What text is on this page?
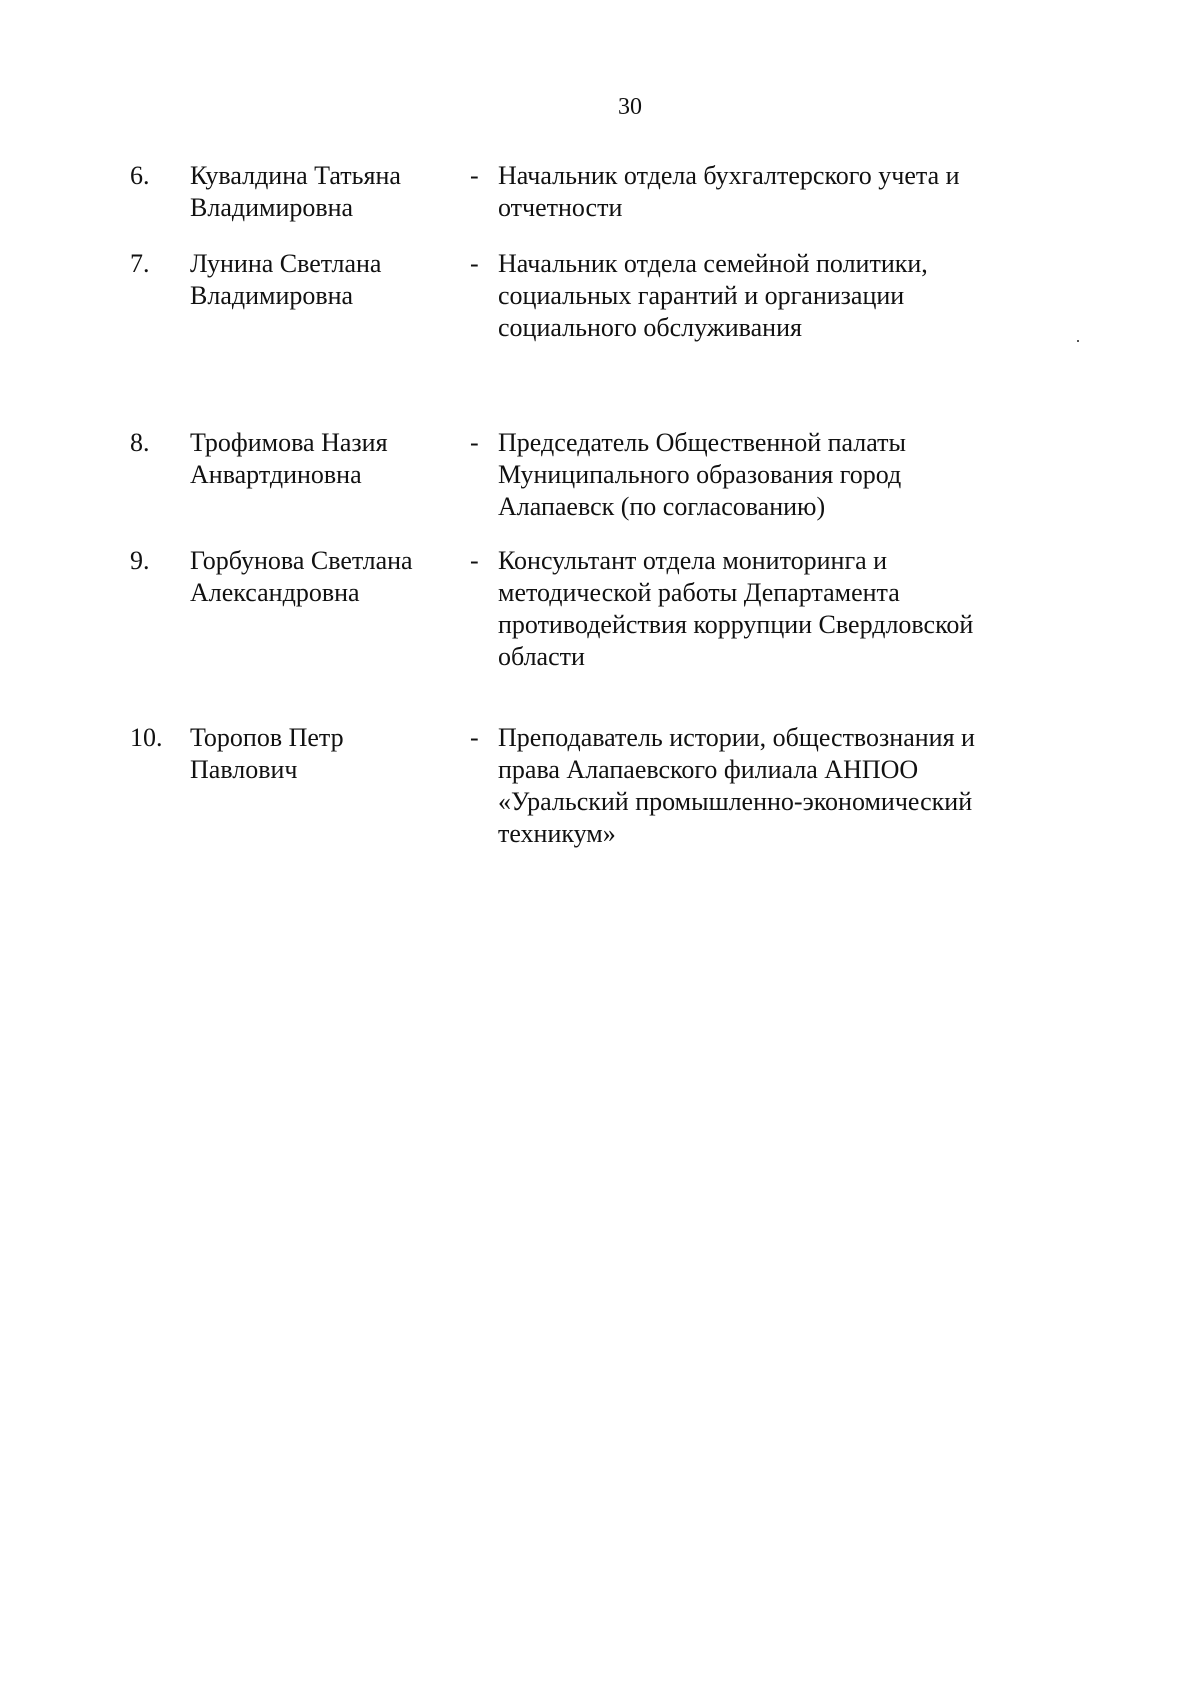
30
6. Кувалдина Татьяна
Владимировна
- Начальник отдела бухгалтерского учета и
отчетности
7. Лунина Светлана
Владимировна
- Начальник отдела семейной политики,
социальных гарантий и организации
социального обслуживания
8. Трофимова Назия
Анвартдиновна
- Председатель Общественной палаты
Муниципального образования город
Алапаевск (по согласованию)
9. Горбунова Светлана
Александровна
- Консультант отдела мониторинга и
методической работы Департамента
противодействия коррупции Свердловской
области
10. Торопов Петр
Павлович
- Преподаватель истории, обществознания и
права Алапаевского филиала АНПОО
«Уральский промышленно-экономический
техникум»
